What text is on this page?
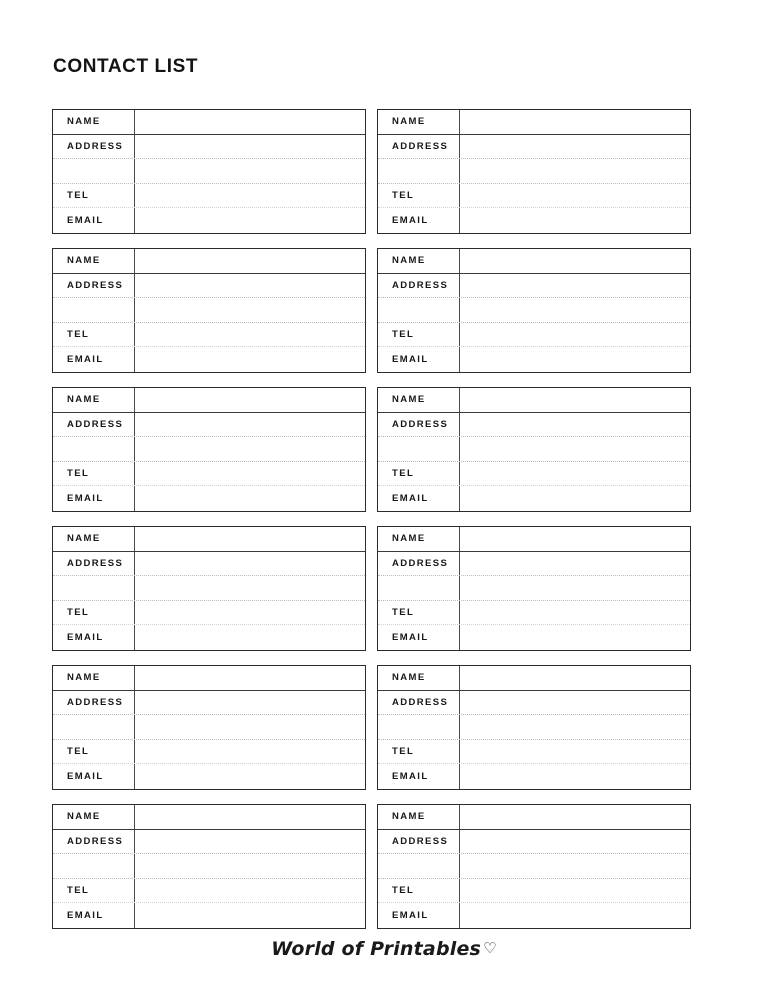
CONTACT LIST
NAME
ADDRESS
TEL
EMAIL
NAME
ADDRESS
TEL
EMAIL
NAME
ADDRESS
TEL
EMAIL
NAME
ADDRESS
TEL
EMAIL
NAME
ADDRESS
TEL
EMAIL
NAME
ADDRESS
TEL
EMAIL
NAME
ADDRESS
TEL
EMAIL
NAME
ADDRESS
TEL
EMAIL
NAME
ADDRESS
TEL
EMAIL
NAME
ADDRESS
TEL
EMAIL
NAME
ADDRESS
TEL
EMAIL
NAME
ADDRESS
TEL
EMAIL
World of Printables ♡
